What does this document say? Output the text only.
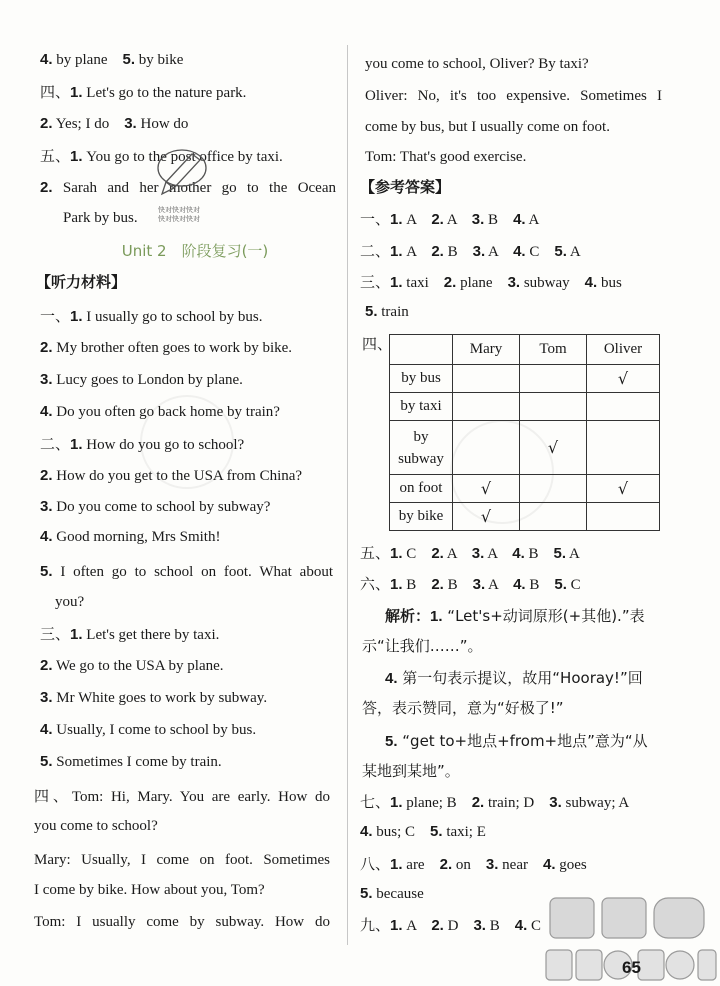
4. by plane　 5. by bike
四、1. Let's go to the nature park.
2. Yes; I do　 3. How do
五、1. You go to the post office by taxi.
2. Sarah and her mother go to the Ocean
Park by bus.	快对快对快对
快对快对快对
Unit 2　阶段复习(一)
【听力材料】
一、1. I usually go to school by bus.
2. My brother often goes to work by bike.
3. Lucy goes to London by plane.
4. Do you often go back home by train?
二、1. How do you go to school?
2. How do you get to the USA from China?
3. Do you come to school by subway?
4. Good morning, Mrs Smith!
5. I often go to school on foot. What about
you?
三、1. Let's get there by taxi.
2. We go to the USA by plane.
3. Mr White goes to work by subway.
4. Usually, I come to school by bus.
5. Sometimes I come by train.
四、Tom: Hi, Mary. You are early. How do
you come to school?
Mary: Usually, I come on foot. Sometimes
I come by bike. How about you, Tom?
Tom: I usually come by subway. How do
you come to school, Oliver? By taxi?
Oliver: No, it's too expensive. Sometimes I
come by bus, but I usually come on foot.
Tom: That's good exercise.
【参考答案】
一、1. A　 2. A　 3. B　 4. A
二、1. A　 2. B　 3. A　 4. C　 5. A
三、1. taxi　 2. plane　 3. subway　 4. bus
5. train
四、
		Mary	Tom	Oliver
by bus			√
by taxi			

by
subway		√	
on foot	√		√
by bike	√		
五、1. C　 2. A　 3. A　 4. B　 5. A
六、1. B　 2. B　 3. A　 4. B　 5. C
解析：1. “Let's+动词原形(+其他).”表
示“让我们……”。
4. 第一句表示提议，故用“Hooray!”回
答，表示赞同，意为“好极了!”
5. “get to+地点+from+地点”意为“从
某地到某地”。
七、1. plane; B　 2. train; D　 3. subway; A
4. bus; C　 5. taxi; E
八、1. are　 2. on　 3. near　 4. goes
5. because
九、1. A　 2. D　 3. B　 4. C
65
